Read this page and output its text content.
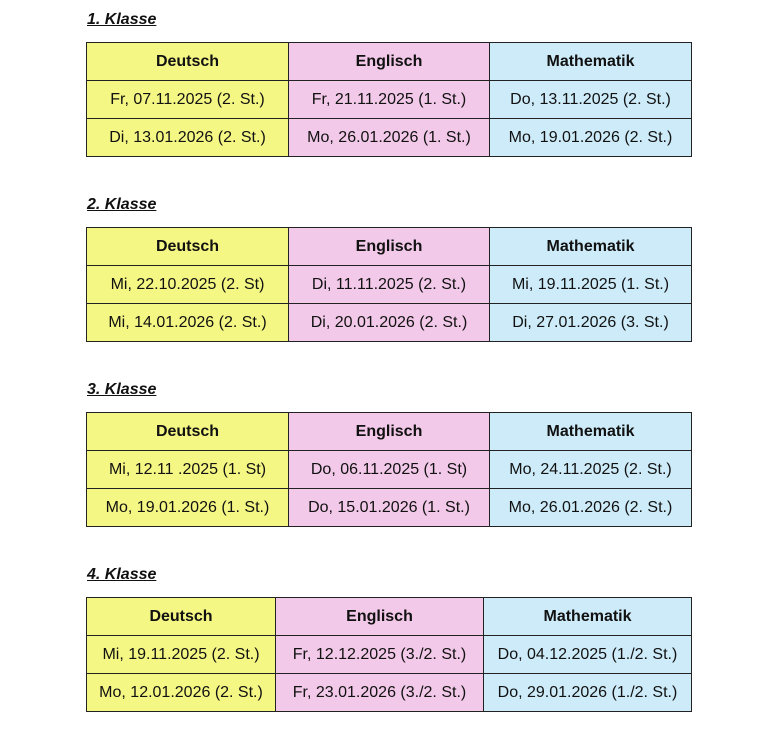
1. Klasse
Deutsch	Englisch	Mathematik
Fr, 07.11.2025 (2. St.)	Fr, 21.11.2025 (1. St.)	Do, 13.11.2025 (2. St.)
Di, 13.01.2026 (2. St.)	Mo, 26.01.2026 (1. St.)	Mo, 19.01.2026 (2. St.)
2. Klasse
Deutsch	Englisch	Mathematik
Mi, 22.10.2025 (2. St)	Di, 11.11.2025 (2. St.)	Mi, 19.11.2025 (1. St.)
Mi, 14.01.2026 (2. St.)	Di, 20.01.2026 (2. St.)	Di, 27.01.2026 (3. St.)
3. Klasse
Deutsch	Englisch	Mathematik
Mi, 12.11 .2025 (1. St)	Do, 06.11.2025 (1. St)	Mo, 24.11.2025 (2. St.)
Mo, 19.01.2026 (1. St.)	Do, 15.01.2026 (1. St.)	Mo, 26.01.2026 (2. St.)
4. Klasse
Deutsch	Englisch	Mathematik
Mi, 19.11.2025 (2. St.)	Fr, 12.12.2025 (3./2. St.)	Do, 04.12.2025 (1./2. St.)
Mo, 12.01.2026 (2. St.)	Fr, 23.01.2026 (3./2. St.)	Do, 29.01.2026 (1./2. St.)
